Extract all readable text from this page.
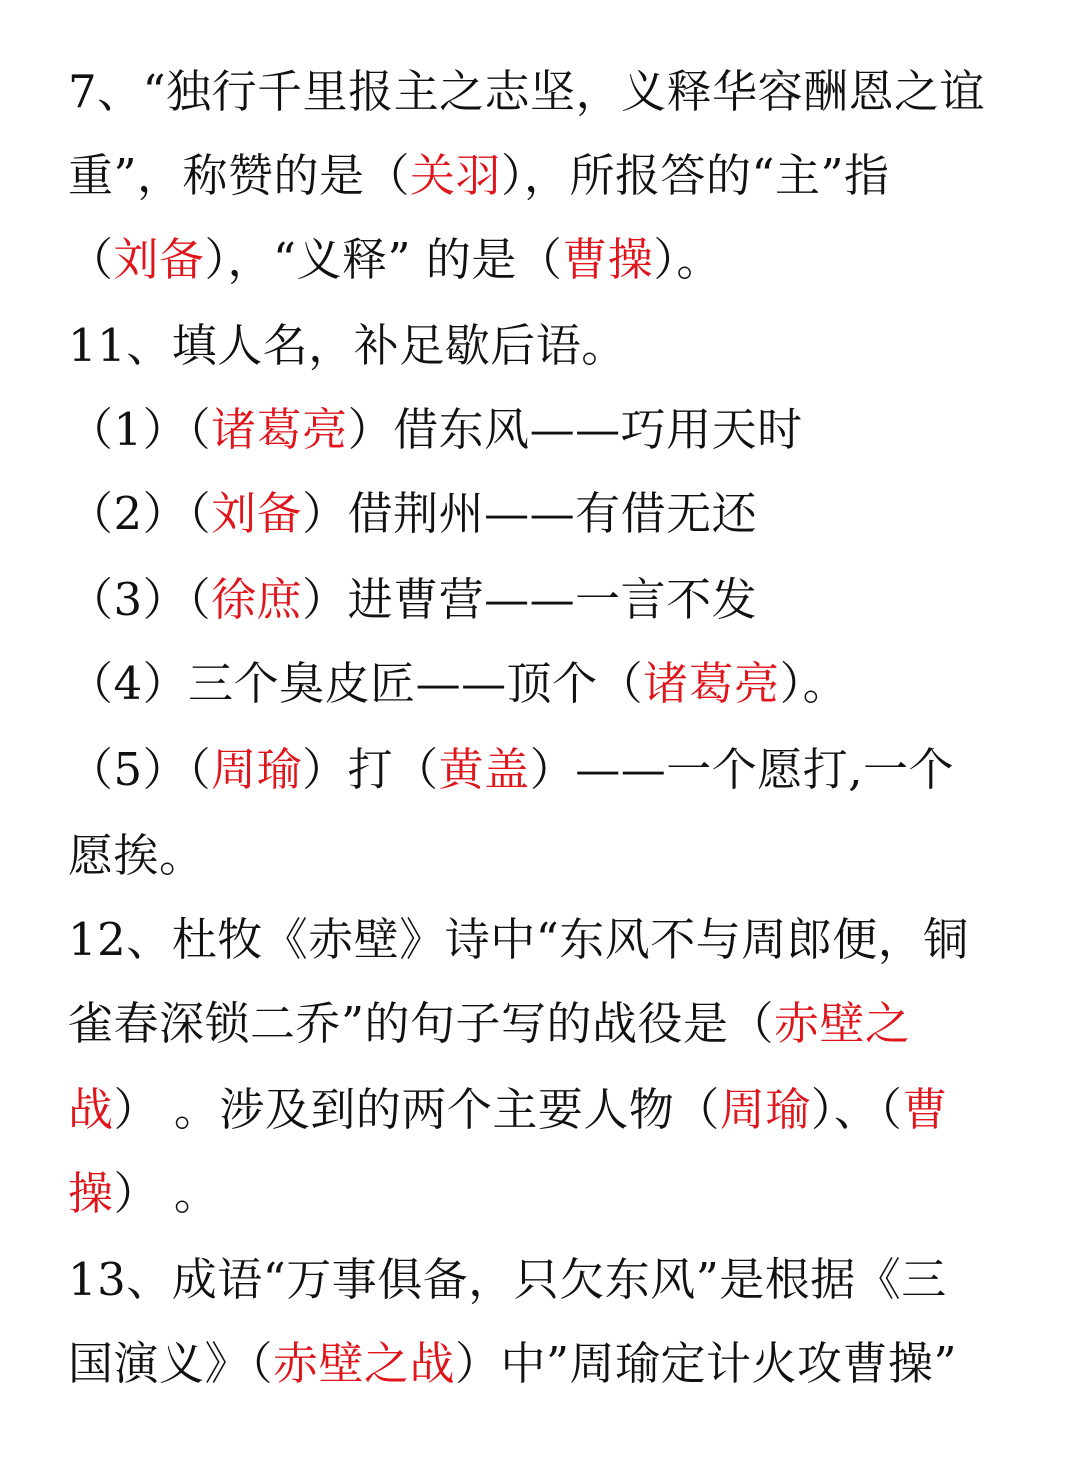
7、“独行千里报主之志坚，义释华容酬恩之谊
重”，称赞的是（关羽），所报答的“主”指
（刘备），“义释” 的是（曹操）。
11、填人名，补足歇后语。
（1）（诸葛亮）借东风——巧用天时
（2）（刘备）借荆州——有借无还
（3）（徐庶）进曹营——一言不发
（4）三个臭皮匠——顶个（诸葛亮）。
（5）（周瑜）打（黄盖）——一个愿打,一个
愿挨。
12、杜牧《赤壁》诗中“东风不与周郎便，铜
雀春深锁二乔”的句子写的战役是（赤壁之
战） 。涉及到的两个主要人物（周瑜）、（曹
操） 。
13、成语“万事俱备，只欠东风”是根据《三
国演义》（赤壁之战）中”周瑜定计火攻曹操”
